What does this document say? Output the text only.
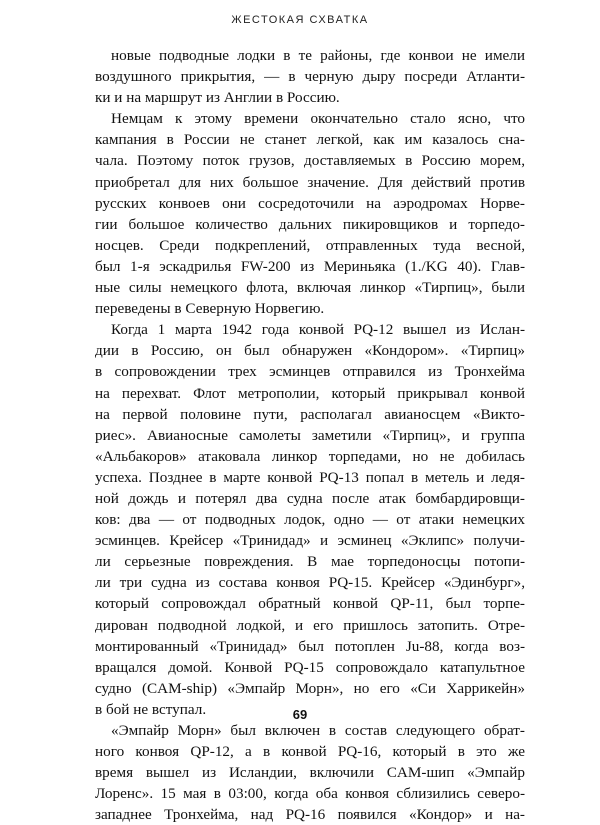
ЖЕСТОКАЯ СХВАТКА

новые подводные лодки в те районы, где конвои не имели
воздушного прикрытия, — в черную дыру посреди Атланти-
ки и на маршрут из Англии в Россию.

Немцам к этому времени окончательно стало ясно, что
кампания в России не станет легкой, как им казалось сна-
чала. Поэтому поток грузов, доставляемых в Россию морем,
приобретал для них большое значение. Для действий против
русских конвоев они сосредоточили на аэродромах Норве-
гии большое количество дальних пикировщиков и торпедо-
носцев. Среди подкреплений, отправленных туда весной,
был 1-я эскадрилья FW-200 из Мериньяка (1./KG 40). Глав-
ные силы немецкого флота, включая линкор «Тирпиц», были
переведены в Северную Норвегию.

Когда 1 марта 1942 года конвой PQ-12 вышел из Ислан-
дии в Россию, он был обнаружен «Кондором». «Тирпиц»
в сопровождении трех эсминцев отправился из Тронхейма
на перехват. Флот метрополии, который прикрывал конвой
на первой половине пути, располагал авианосцем «Викто-
риес». Авианосные самолеты заметили «Тирпиц», и группа
«Альбакоров» атаковала линкор торпедами, но не добилась
успеха. Позднее в марте конвой PQ-13 попал в метель и ледя-
ной дождь и потерял два судна после атак бомбардировщи-
ков: два — от подводных лодок, одно — от атаки немецких
эсминцев. Крейсер «Тринидад» и эсминец «Эклипс» получи-
ли серьезные повреждения. В мае торпедоносцы потопи-
ли три судна из состава конвоя PQ-15. Крейсер «Эдинбург»,
который сопровождал обратный конвой QP-11, был торпе-
дирован подводной лодкой, и его пришлось затопить. Отре-
монтированный «Тринидад» был потоплен Ju-88, когда воз-
вращался домой. Конвой PQ-15 сопровождало катапультное
судно (CAM-ship) «Эмпайр Морн», но его «Си Харрикейн»
в бой не вступал.

«Эмпайр Морн» был включен в состав следующего обрат-
ного конвоя QP-12, а в конвой PQ-16, который в это же
время вышел из Исландии, включили CAM-шип «Эмпайр
Лоренс». 15 мая в 03:00, когда оба конвоя сблизились северо-
западнее Тронхейма, над PQ-16 появился «Кондор» и на-

69
